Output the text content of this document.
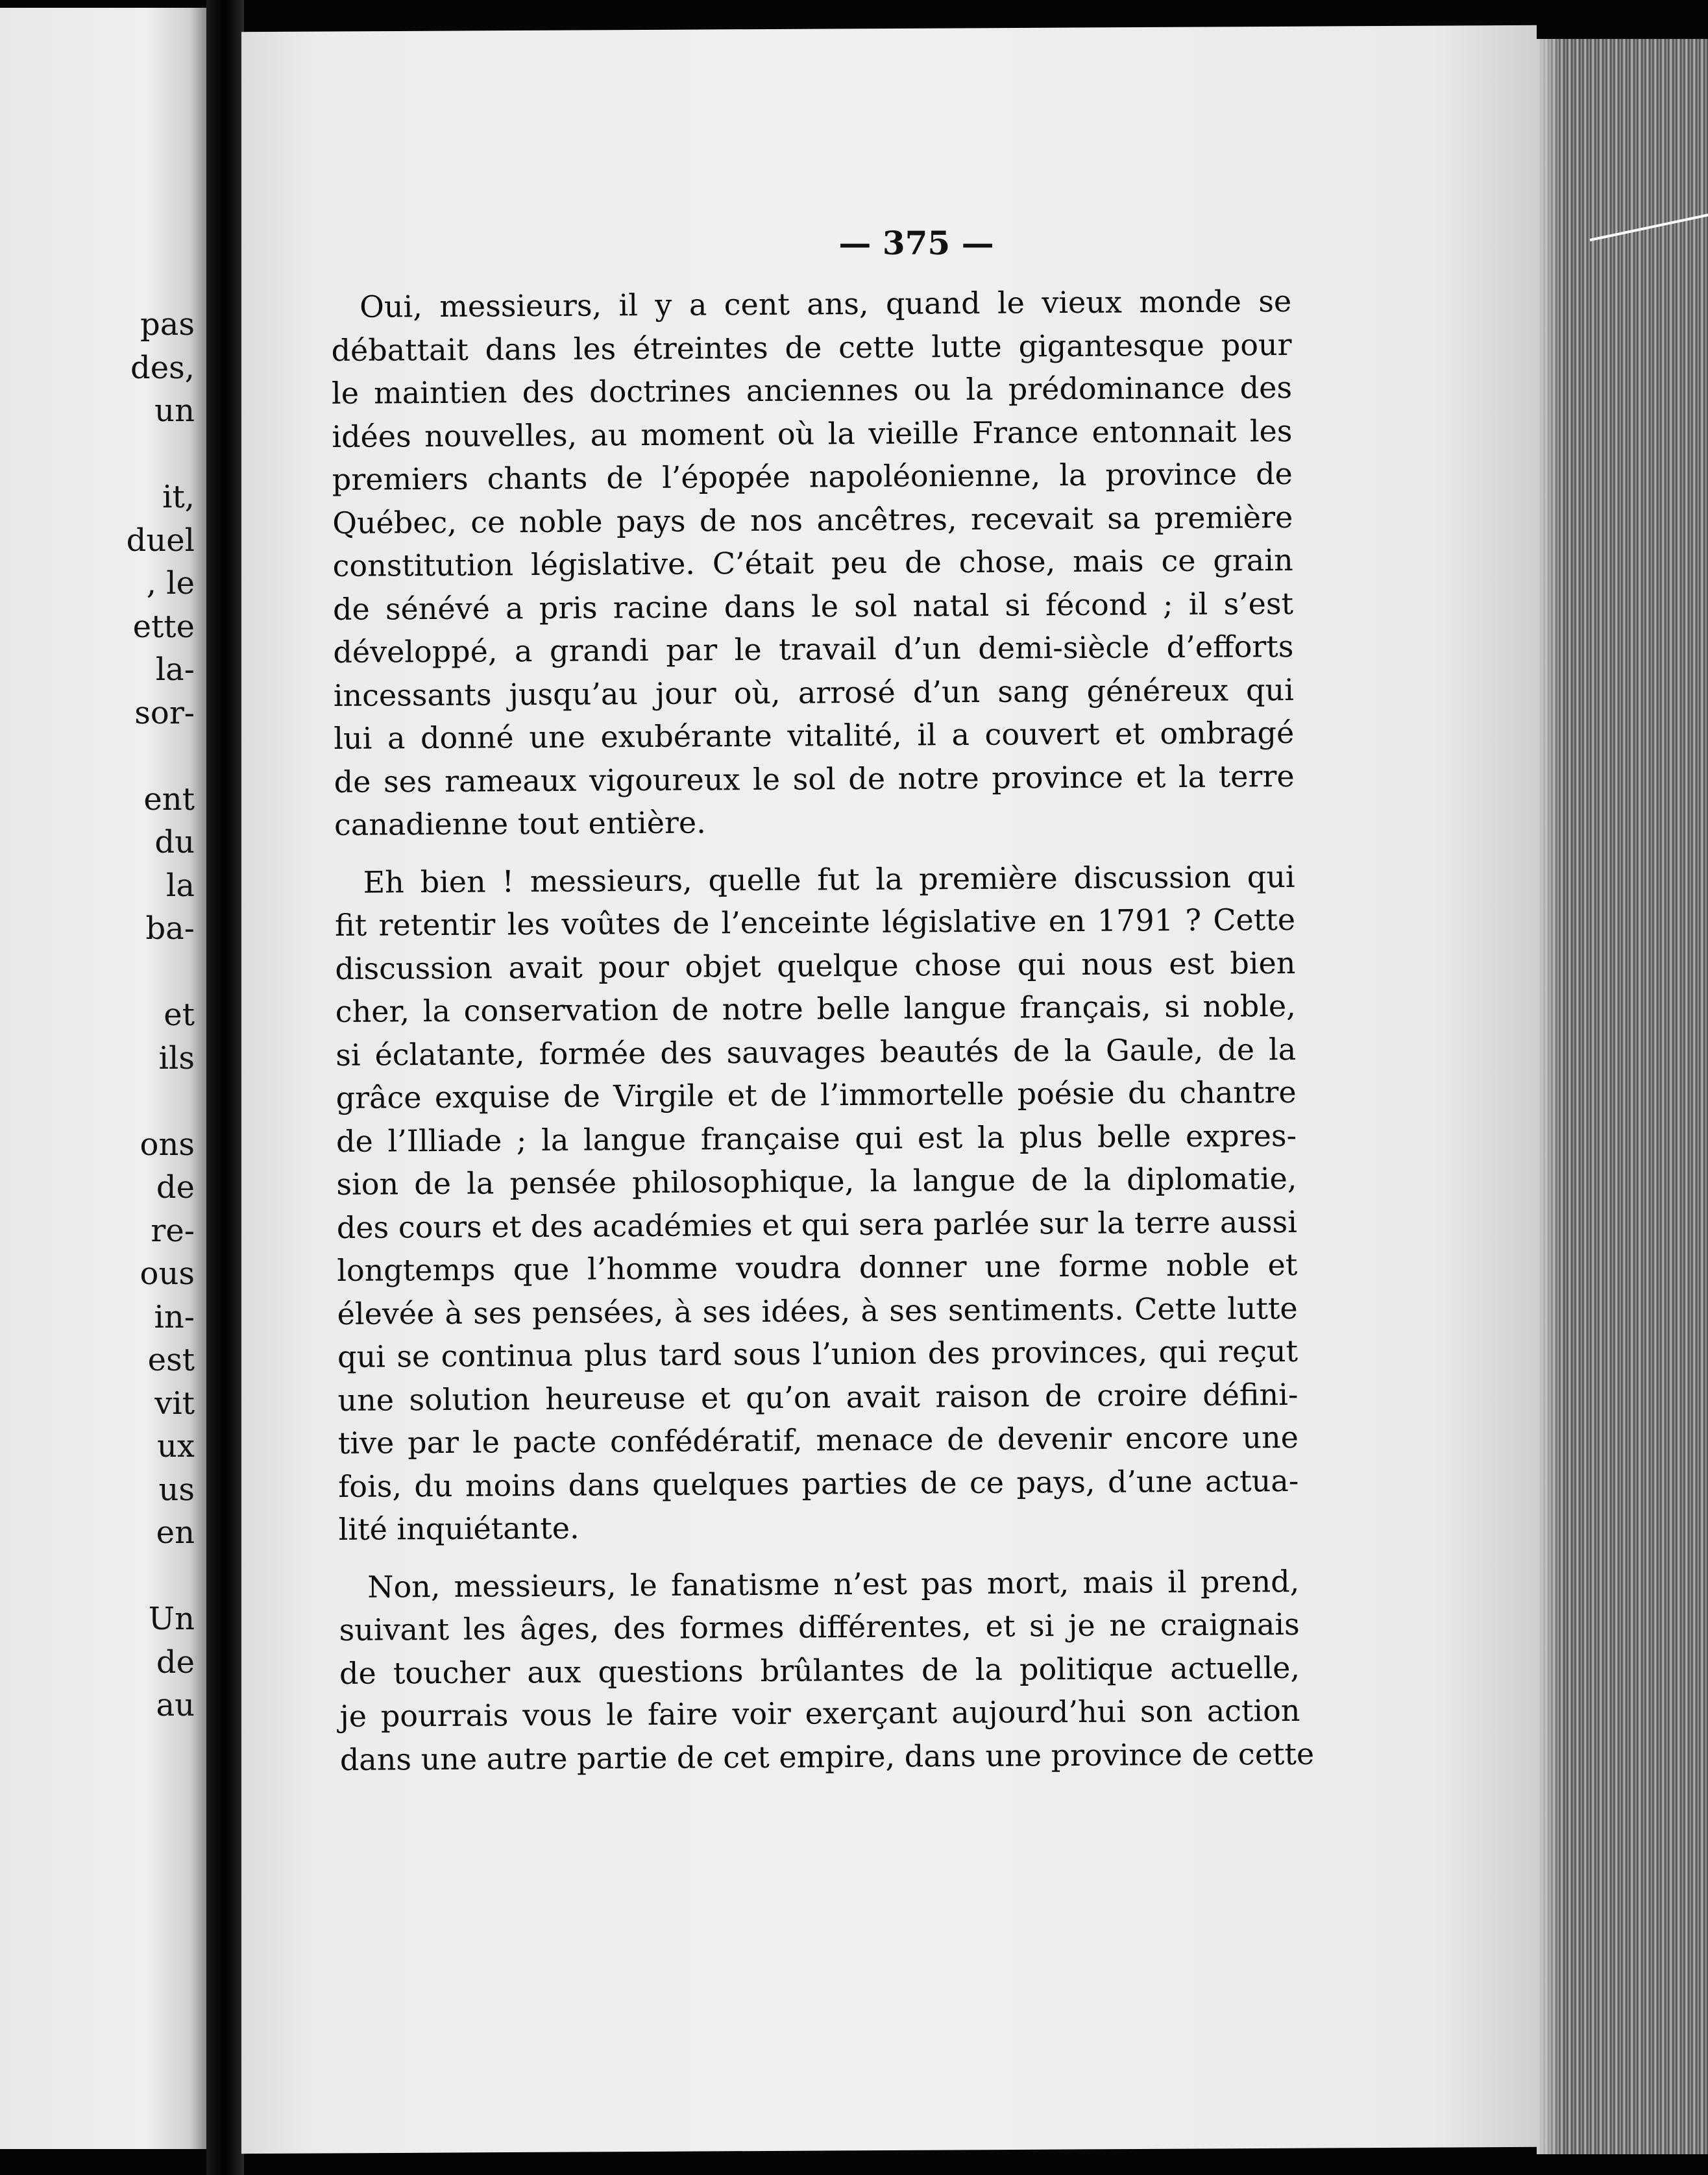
pas
des,
un
it,
duel
, le
ette
la-
sor-
ent
du
la
ba-
et
ils
ons
de
re-
ous
in-
est
vit
ux
us
en
Un
de
au
— 375 —
Oui, messieurs, il y a cent ans, quand le vieux monde se
débattait dans les étreintes de cette lutte gigantesque pour
le maintien des doctrines anciennes ou la prédominance des
idées nouvelles, au moment où la vieille France entonnait les
premiers chants de l’épopée napoléonienne, la province de
Québec, ce noble pays de nos ancêtres, recevait sa première
constitution législative. C’était peu de chose, mais ce grain
de sénévé a pris racine dans le sol natal si fécond ; il s’est
développé, a grandi par le travail d’un demi-siècle d’efforts
incessants jusqu’au jour où, arrosé d’un sang généreux qui
lui a donné une exubérante vitalité, il a couvert et ombragé
de ses rameaux vigoureux le sol de notre province et la terre
canadienne tout entière.
Eh bien ! messieurs, quelle fut la première discussion qui
fit retentir les voûtes de l’enceinte législative en 1791 ? Cette
discussion avait pour objet quelque chose qui nous est bien
cher, la conservation de notre belle langue français, si noble,
si éclatante, formée des sauvages beautés de la Gaule, de la
grâce exquise de Virgile et de l’immortelle poésie du chantre
de l’Illiade ; la langue française qui est la plus belle expres-
sion de la pensée philosophique, la langue de la diplomatie,
des cours et des académies et qui sera parlée sur la terre aussi
longtemps que l’homme voudra donner une forme noble et
élevée à ses pensées, à ses idées, à ses sentiments. Cette lutte
qui se continua plus tard sous l’union des provinces, qui reçut
une solution heureuse et qu’on avait raison de croire défini-
tive par le pacte confédératif, menace de devenir encore une
fois, du moins dans quelques parties de ce pays, d’une actua-
lité inquiétante.
Non, messieurs, le fanatisme n’est pas mort, mais il prend,
suivant les âges, des formes différentes, et si je ne craignais
de toucher aux questions brûlantes de la politique actuelle,
je pourrais vous le faire voir exerçant aujourd’hui son action
dans une autre partie de cet empire, dans une province de cette
